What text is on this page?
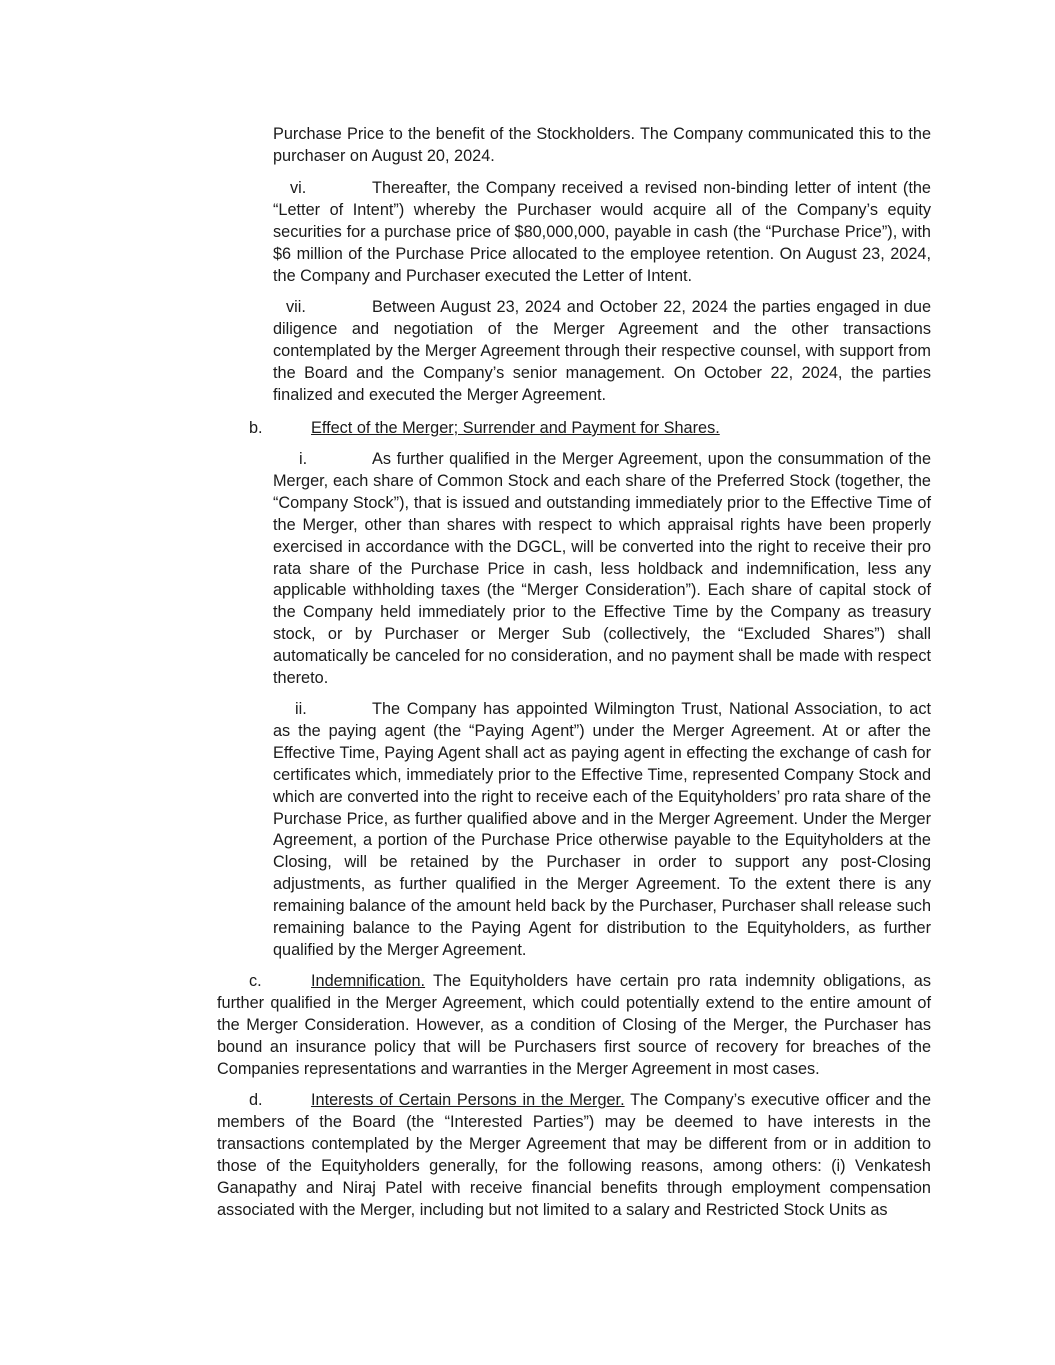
Purchase Price to the benefit of the Stockholders. The Company communicated this to the purchaser on August 20, 2024.

vi.	Thereafter, the Company received a revised non-binding letter of intent (the “Letter of Intent”) whereby the Purchaser would acquire all of the Company’s equity securities for a purchase price of $80,000,000, payable in cash (the “Purchase Price”), with $6 million of the Purchase Price allocated to the employee retention. On August 23, 2024, the Company and Purchaser executed the Letter of Intent.

vii.	Between August 23, 2024 and October 22, 2024 the parties engaged in due diligence and negotiation of the Merger Agreement and the other transactions contemplated by the Merger Agreement through their respective counsel, with support from the Board and the Company’s senior management. On October 22, 2024, the parties finalized and executed the Merger Agreement.

b.	Effect of the Merger; Surrender and Payment for Shares.

i.	As further qualified in the Merger Agreement, upon the consummation of the Merger, each share of Common Stock and each share of the Preferred Stock (together, the “Company Stock”), that is issued and outstanding immediately prior to the Effective Time of the Merger, other than shares with respect to which appraisal rights have been properly exercised in accordance with the DGCL, will be converted into the right to receive their pro rata share of the Purchase Price in cash, less holdback and indemnification, less any applicable withholding taxes (the “Merger Consideration”). Each share of capital stock of the Company held immediately prior to the Effective Time by the Company as treasury stock, or by Purchaser or Merger Sub (collectively, the “Excluded Shares”) shall automatically be canceled for no consideration, and no payment shall be made with respect thereto.

ii.	The Company has appointed Wilmington Trust, National Association, to act as the paying agent (the “Paying Agent”) under the Merger Agreement. At or after the Effective Time, Paying Agent shall act as paying agent in effecting the exchange of cash for certificates which, immediately prior to the Effective Time, represented Company Stock and which are converted into the right to receive each of the Equityholders’ pro rata share of the Purchase Price, as further qualified above and in the Merger Agreement. Under the Merger Agreement, a portion of the Purchase Price otherwise payable to the Equityholders at the Closing, will be retained by the Purchaser in order to support any post-Closing adjustments, as further qualified in the Merger Agreement. To the extent there is any remaining balance of the amount held back by the Purchaser, Purchaser shall release such remaining balance to the Paying Agent for distribution to the Equityholders, as further qualified by the Merger Agreement.

c.	Indemnification. The Equityholders have certain pro rata indemnity obligations, as further qualified in the Merger Agreement, which could potentially extend to the entire amount of the Merger Consideration. However, as a condition of Closing of the Merger, the Purchaser has bound an insurance policy that will be Purchasers first source of recovery for breaches of the Companies representations and warranties in the Merger Agreement in most cases.

d.	Interests of Certain Persons in the Merger. The Company’s executive officer and the members of the Board (the “Interested Parties”) may be deemed to have interests in the transactions contemplated by the Merger Agreement that may be different from or in addition to those of the Equityholders generally, for the following reasons, among others: (i) Venkatesh Ganapathy and Niraj Patel with receive financial benefits through employment compensation associated with the Merger, including but not limited to a salary and Restricted Stock Units as
